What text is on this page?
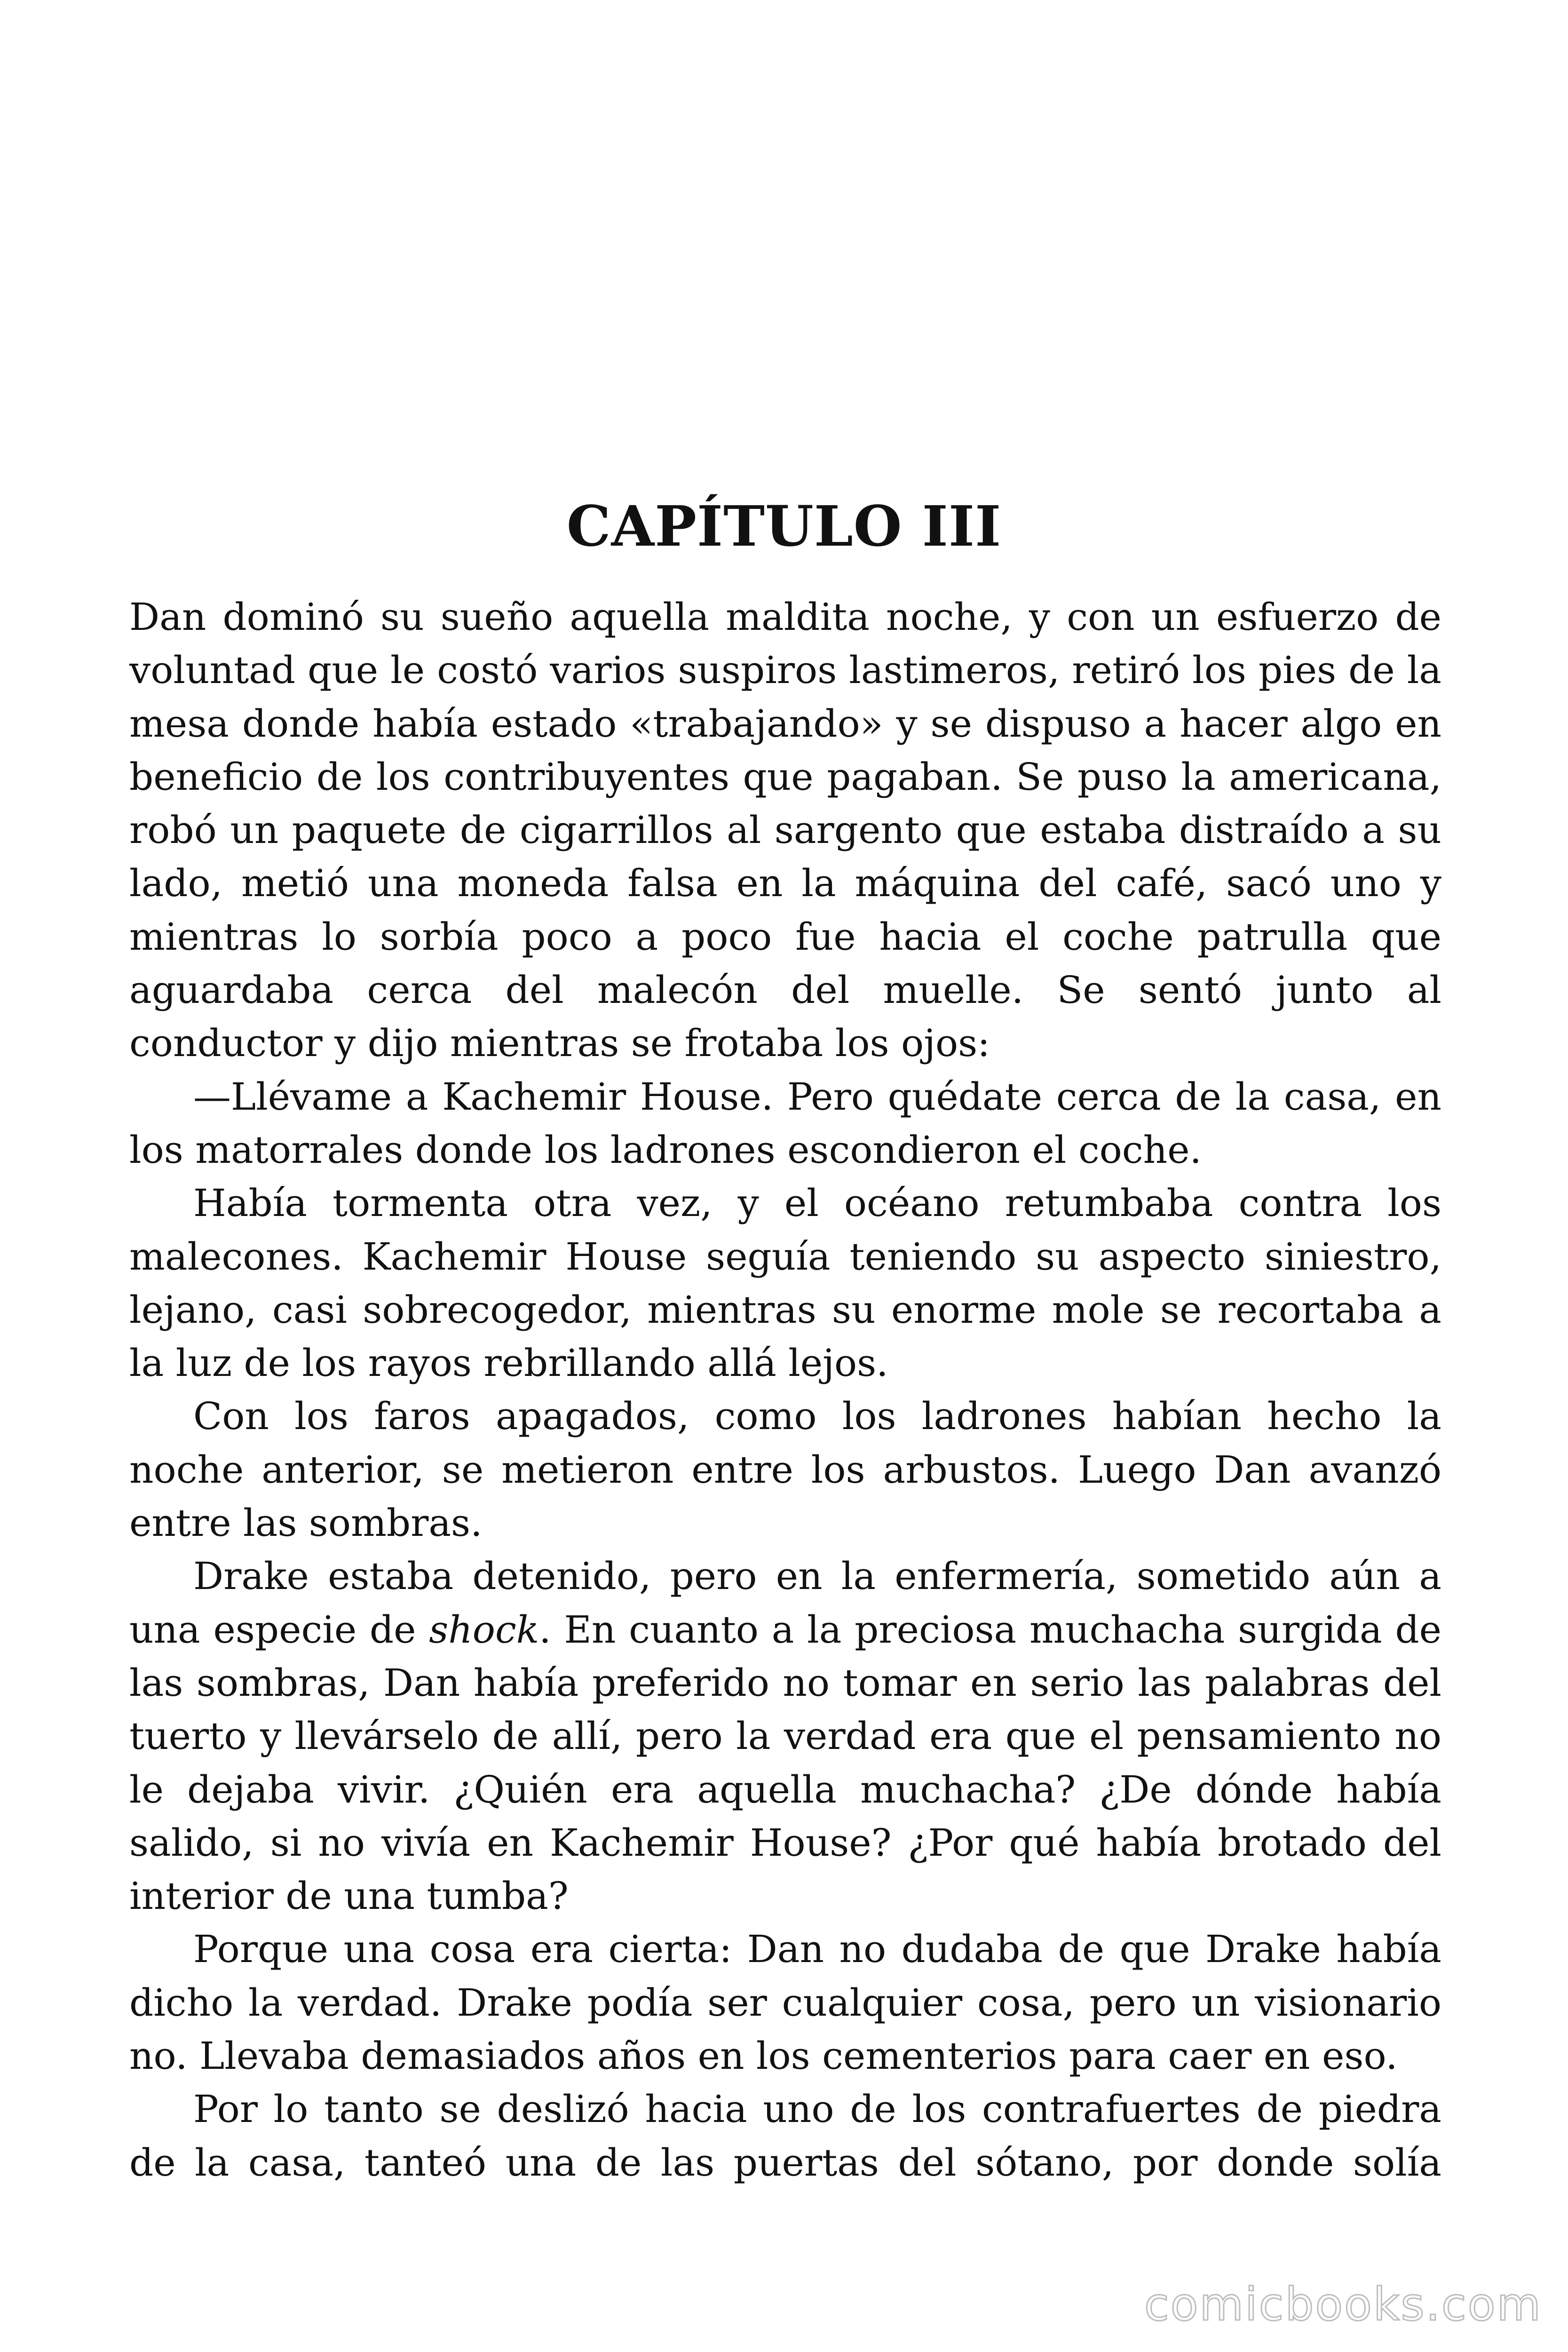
CAPÍTULO III

Dan dominó su sueño aquella maldita noche, y con un esfuerzo de voluntad que le costó varios suspiros lastimeros, retiró los pies de la mesa donde había estado «trabajando» y se dispuso a hacer algo en beneficio de los contribuyentes que pagaban. Se puso la americana, robó un paquete de cigarrillos al sargento que estaba distraído a su lado, metió una moneda falsa en la máquina del café, sacó uno y mientras lo sorbía poco a poco fue hacia el coche patrulla que aguardaba cerca del malecón del muelle. Se sentó junto al conductor y dijo mientras se frotaba los ojos:

—Llévame a Kachemir House. Pero quédate cerca de la casa, en los matorrales donde los ladrones escondieron el coche.

Había tormenta otra vez, y el océano retumbaba contra los malecones. Kachemir House seguía teniendo su aspecto siniestro, lejano, casi sobrecogedor, mientras su enorme mole se recortaba a la luz de los rayos rebrillando allá lejos.

Con los faros apagados, como los ladrones habían hecho la noche anterior, se metieron entre los arbustos. Luego Dan avanzó entre las sombras.

Drake estaba detenido, pero en la enfermería, sometido aún a una especie de shock. En cuanto a la preciosa muchacha surgida de las sombras, Dan había preferido no tomar en serio las palabras del tuerto y llevárselo de allí, pero la verdad era que el pensamiento no le dejaba vivir. ¿Quién era aquella muchacha? ¿De dónde había salido, si no vivía en Kachemir House? ¿Por qué había brotado del interior de una tumba?

Porque una cosa era cierta: Dan no dudaba de que Drake había dicho la verdad. Drake podía ser cualquier cosa, pero un visionario no. Llevaba demasiados años en los cementerios para caer en eso.

Por lo tanto se deslizó hacia uno de los contrafuertes de piedra de la casa, tanteó una de las puertas del sótano, por donde solía

comicbooks.com
